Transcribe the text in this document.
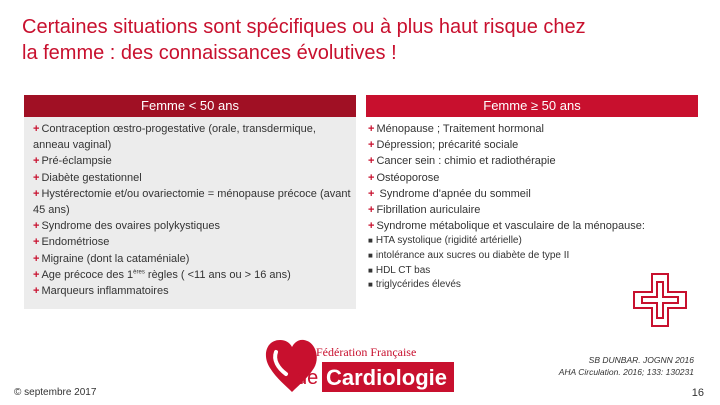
Certaines situations sont spécifiques ou à plus haut risque chez
la femme : des connaissances évolutives !
Femme < 50 ans	Femme ≥ 50 ans
+ Contraception œstro-progestative (orale, transdermique, anneau vaginal)
+ Pré-éclampsie
+ Diabète gestationnel
+ Hystérectomie et/ou ovariectomie = ménopause précoce (avant 45 ans)
+ Syndrome des ovaires polykystiques
+ Endométriose
+ Migraine (dont la cataméniale)
+ Age précoce des 1ères règles ( <11 ans ou > 16 ans)
+ Marqueurs inflammatoires
+ Ménopause ; Traitement hormonal
+ Dépression; précarité sociale
+ Cancer sein : chimio et radiothérapie
+ Ostéoporose
+ Syndrome d'apnée du sommeil
+ Fibrillation auriculaire
+ Syndrome métabolique et vasculaire de la ménopause:
■ HTA systolique (rigidité artérielle)
■ intolérance aux sucres ou diabète de type II
■ HDL CT bas
■ triglycérides élevés
Fédération Française
de Cardiologie
SB DUNBAR. JOGNN 2016
AHA Circulation. 2016; 133: 130231
© septembre 2017	16
